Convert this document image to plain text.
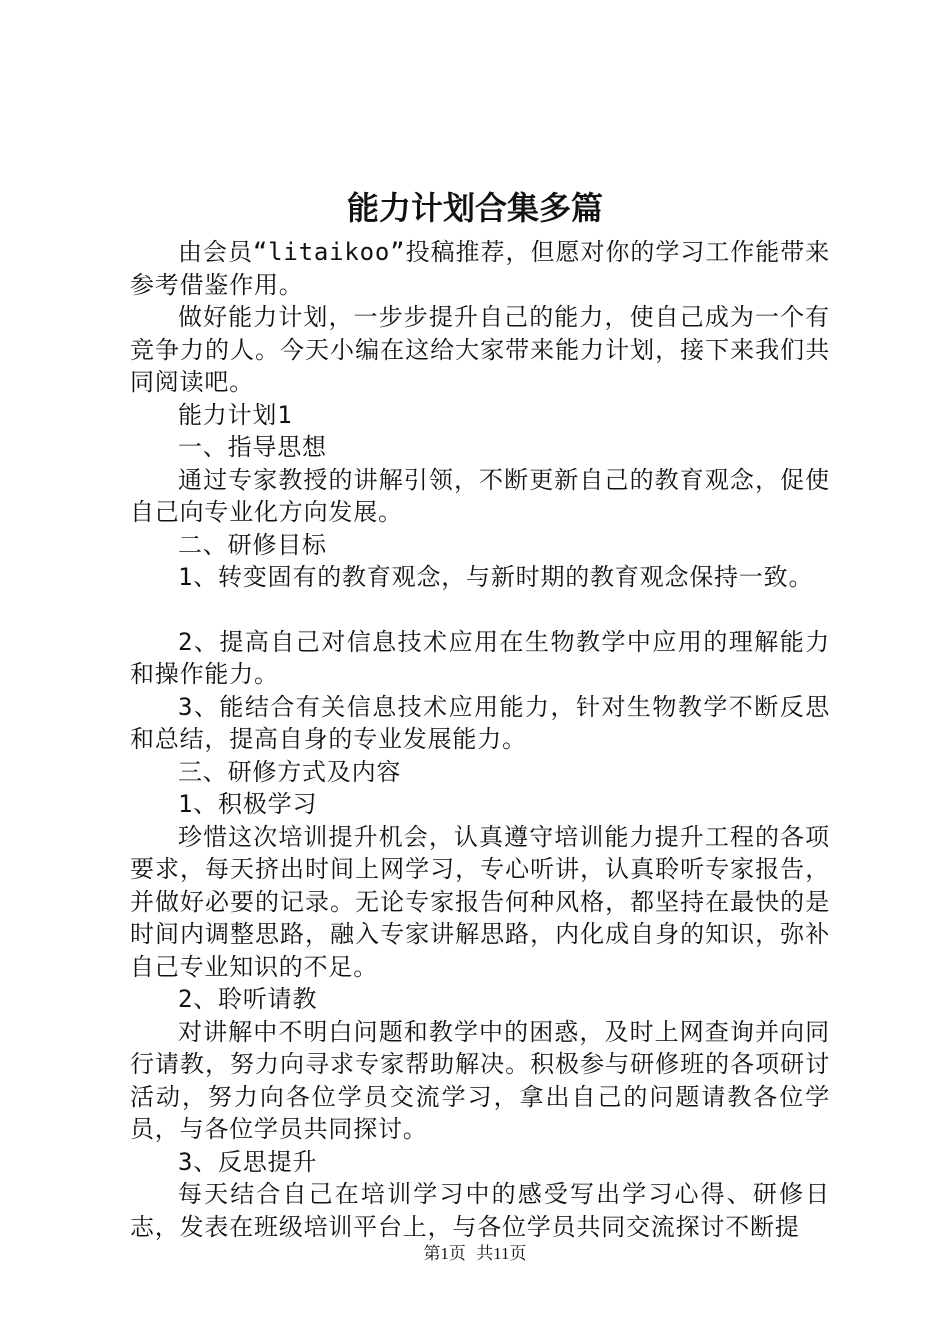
能力计划合集多篇

由会员“litaikoo”投稿推荐，但愿对你的学习工作能带来参考借鉴作用。

做好能力计划，一步步提升自己的能力，使自己成为一个有竞争力的人。今天小编在这给大家带来能力计划，接下来我们共同阅读吧。

能力计划1

一、指导思想

通过专家教授的讲解引领，不断更新自己的教育观念，促使自己向专业化方向发展。

二、研修目标

1、转变固有的教育观念，与新时期的教育观念保持一致。

2、提高自己对信息技术应用在生物教学中应用的理解能力和操作能力。

3、能结合有关信息技术应用能力，针对生物教学不断反思和总结，提高自身的专业发展能力。

三、研修方式及内容

1、积极学习

珍惜这次培训提升机会，认真遵守培训能力提升工程的各项要求，每天挤出时间上网学习，专心听讲，认真聆听专家报告，并做好必要的记录。无论专家报告何种风格，都坚持在最快的是时间内调整思路，融入专家讲解思路，内化成自身的知识，弥补自己专业知识的不足。

2、聆听请教

对讲解中不明白问题和教学中的困惑，及时上网查询并向同行请教，努力向寻求专家帮助解决。积极参与研修班的各项研讨活动，努力向各位学员交流学习，拿出自己的问题请教各位学员，与各位学员共同探讨。

3、反思提升

每天结合自己在培训学习中的感受写出学习心得、研修日志，发表在班级培训平台上，与各位学员共同交流探讨不断提

第1页 共11页
